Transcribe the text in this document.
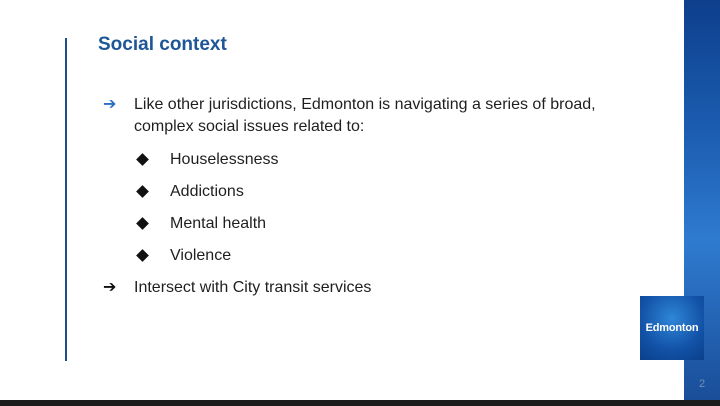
Social context
➔ Like other jurisdictions, Edmonton is navigating a series of broad, complex social issues related to:
Houselessness
Addictions
Mental health
Violence
➔ Intersect with City transit services
Edmonton
2
